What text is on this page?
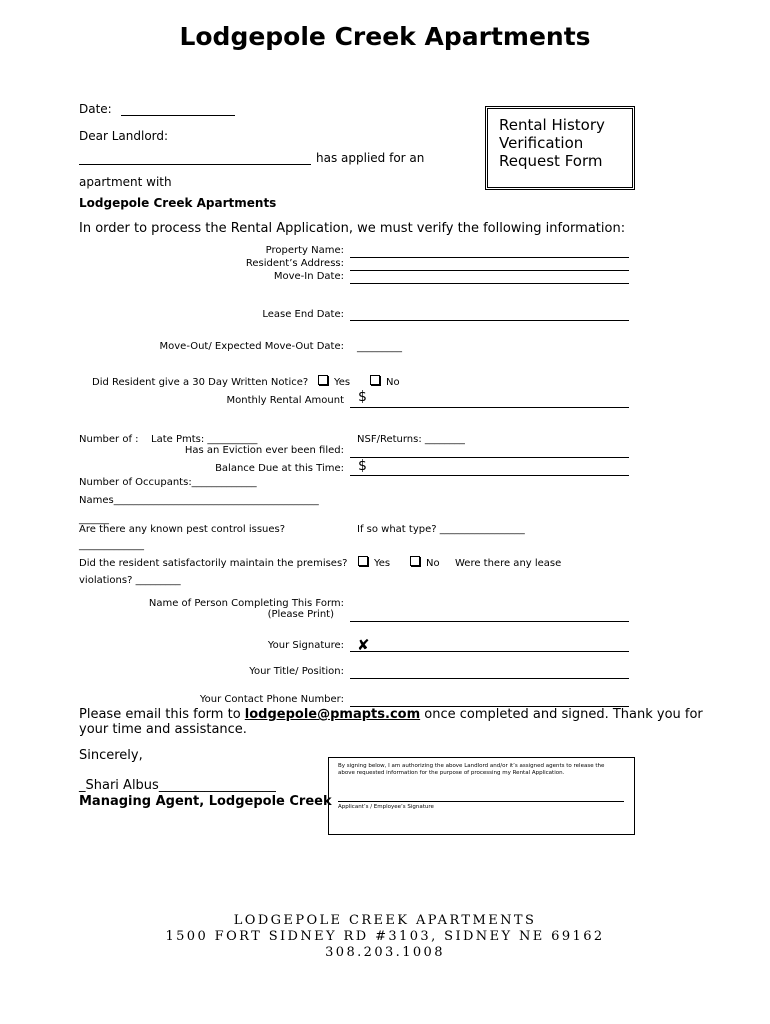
Lodgepole Creek Apartments
Rental History
Verification
Request Form
Date:
Dear Landlord:
has applied for an
apartment with
Lodgepole Creek Apartments
In order to process the Rental Application, we must verify the following information:
Property Name:
Resident’s Address:
Move-In Date:
Lease End Date:
Move-Out/ Expected Move-Out Date: _________
Did Resident give a 30 Day Written Notice?	Yes	No
Monthly Rental Amount $
Number of : Late Pmts: __________	NSF/Returns: ________
Has an Eviction ever been filed:
Balance Due at this Time: $
Number of Occupants:_____________
Names_________________________________________
______
Are there any known pest control issues?	If so what type? _________________
_____________
Did the resident satisfactorily maintain the premises?	Yes	No Were there any lease
violations? _________
Name of Person Completing This Form:
(Please Print)
Your Signature: ✘
Your Title/ Position:
Your Contact Phone Number:
Please email this form to lodgepole@pmapts.com once completed and signed. Thank you for
your time and assistance.
Sincerely,
_Shari Albus__________________
Managing Agent, Lodgepole Creek
By signing below, I am authorizing the above Landlord and/or it’s assigned agents to release the above requested information for the purpose of processing my Rental Application.
Applicant’s / Employee’s Signature
LODGEPOLE CREEK APARTMENTS
1500 FORT SIDNEY RD #3103, SIDNEY NE 69162
308.203.1008
